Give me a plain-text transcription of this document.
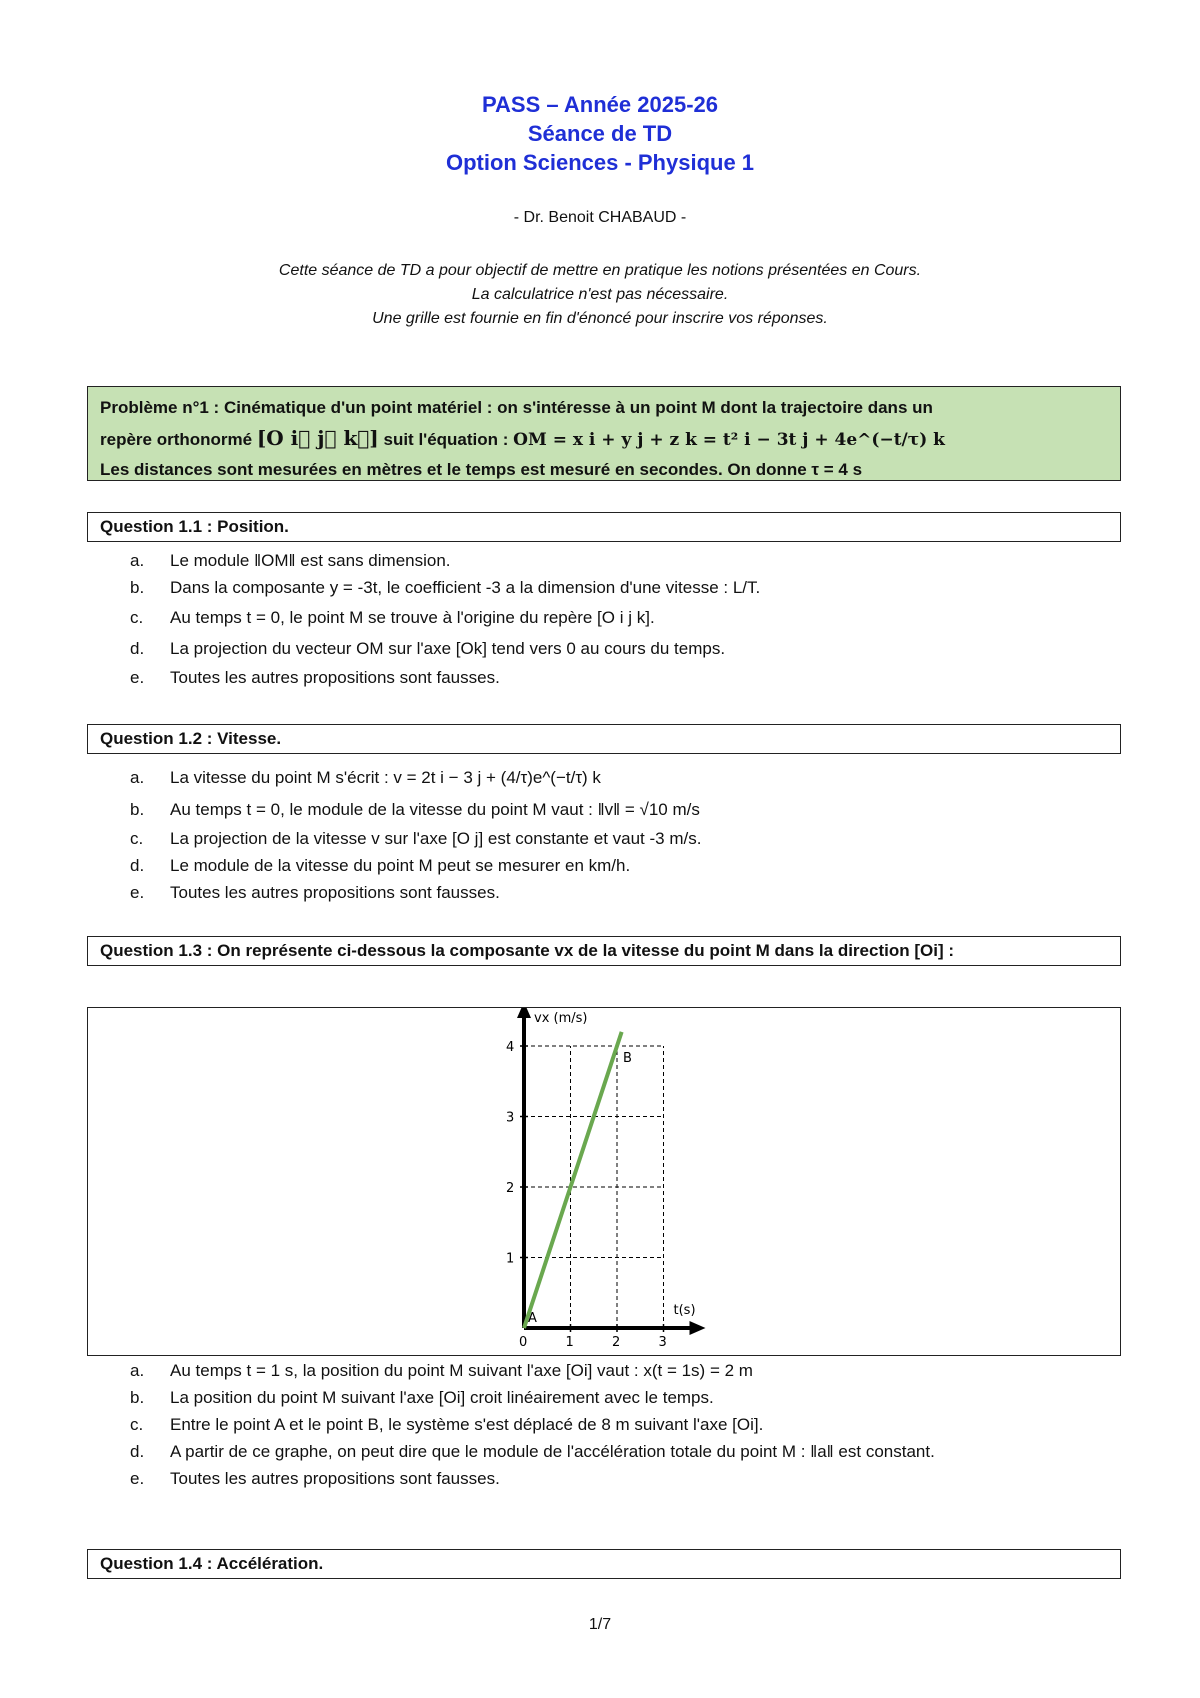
PASS – Année 2025-26
Séance de TD
Option Sciences - Physique 1
- Dr. Benoit CHABAUD -
Cette séance de TD a pour objectif de mettre en pratique les notions présentées en Cours.
La calculatrice n'est pas nécessaire.
Une grille est fournie en fin d'énoncé pour inscrire vos réponses.
Problème n°1 : Cinématique d'un point matériel : on s'intéresse à un point M dont la trajectoire dans un
repère orthonormé [O i⃗ j⃗ k⃗] suit l'équation : OM = x i + y j + z k = t² i − 3t j + 4e^(−t/τ) k
Les distances sont mesurées en mètres et le temps est mesuré en secondes. On donne τ = 4 s
Question 1.1 : Position.
a. Le module ‖OM‖ est sans dimension.
b. Dans la composante y = -3t, le coefficient -3 a la dimension d'une vitesse : L/T.
c. Au temps t = 0, le point M se trouve à l'origine du repère [O i j k].
d. La projection du vecteur OM sur l'axe [Ok] tend vers 0 au cours du temps.
e. Toutes les autres propositions sont fausses.
Question 1.2 : Vitesse.
a. La vitesse du point M s'écrit : v = 2t i − 3 j + (4/τ)e^(−t/τ) k
b. Au temps t = 0, le module de la vitesse du point M vaut : ‖v‖ = √10 m/s
c. La projection de la vitesse v sur l'axe [O j] est constante et vaut -3 m/s.
d. Le module de la vitesse du point M peut se mesurer en km/h.
e. Toutes les autres propositions sont fausses.
Question 1.3 : On représente ci-dessous la composante vx de la vitesse du point M dans la direction [Oi] :
0	1	2	3
1
2
3
4
vx (m/s)
t(s)
A
B
a. Au temps t = 1 s, la position du point M suivant l'axe [Oi] vaut : x(t = 1s) = 2 m
b. La position du point M suivant l'axe [Oi] croit linéairement avec le temps.
c. Entre le point A et le point B, le système s'est déplacé de 8 m suivant l'axe [Oi].
d. A partir de ce graphe, on peut dire que le module de l'accélération totale du point M : ‖a‖ est constant.
e. Toutes les autres propositions sont fausses.
Question 1.4 : Accélération.
1/7
